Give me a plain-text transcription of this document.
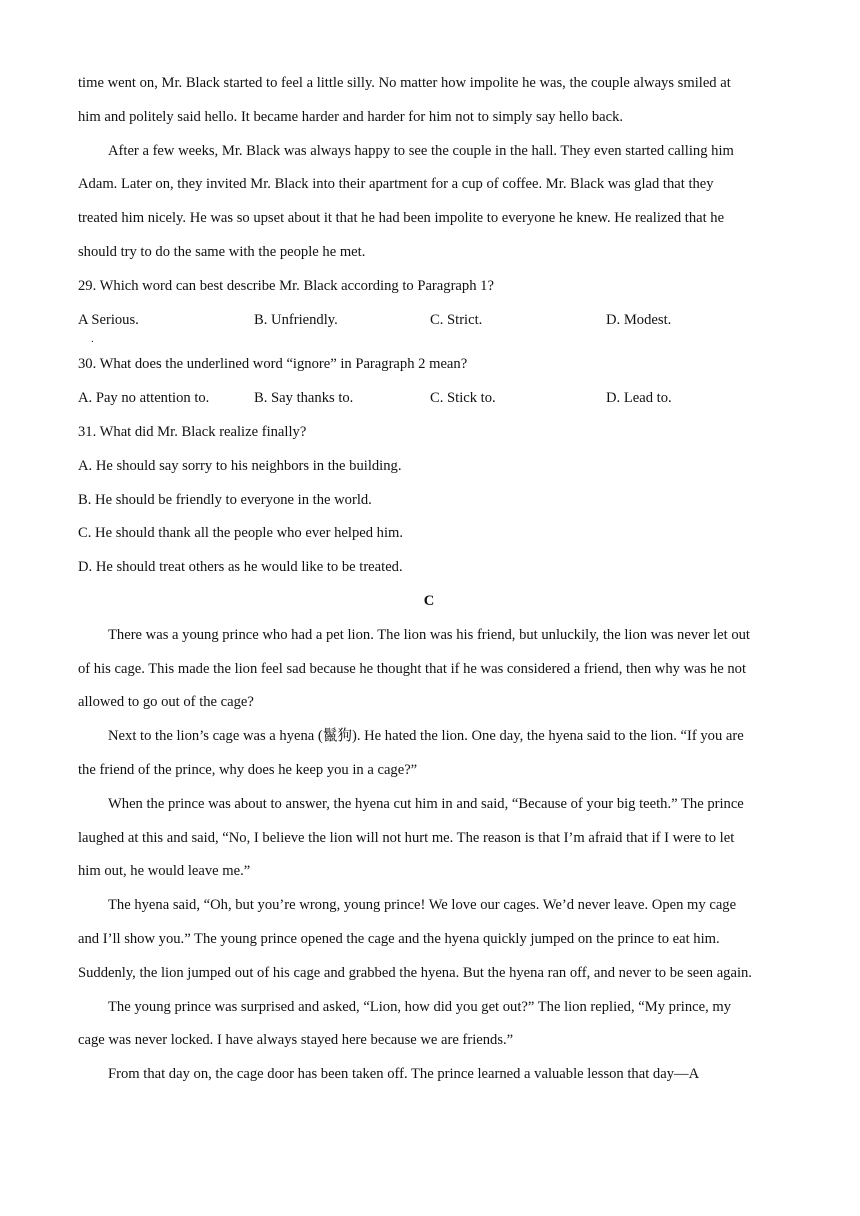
time went on, Mr. Black started to feel a little silly. No matter how impolite he was, the couple always smiled at
him and politely said hello. It became harder and harder for him not to simply say hello back.
After a few weeks, Mr. Black was always happy to see the couple in the hall. They even started calling him
Adam. Later on, they invited Mr. Black into their apartment for a cup of coffee. Mr. Black was glad that they
treated him nicely. He was so upset about it that he had been impolite to everyone he knew. He realized that he
should try to do the same with the people he met.
29. Which word can best describe Mr. Black according to Paragraph 1?
A Serious.
.
B. Unfriendly.	C. Strict.	D. Modest.
30. What does the underlined word “ignore” in Paragraph 2 mean?
A. Pay no attention to.	B. Say thanks to.	C. Stick to.	D. Lead to.
31. What did Mr. Black realize finally?
A. He should say sorry to his neighbors in the building.
B. He should be friendly to everyone in the world.
C. He should thank all the people who ever helped him.
D. He should treat others as he would like to be treated.
C
There was a young prince who had a pet lion. The lion was his friend, but unluckily, the lion was never let out
of his cage. This made the lion feel sad because he thought that if he was considered a friend, then why was he not
allowed to go out of the cage?
Next to the lion’s cage was a hyena (鬣狗). He hated the lion. One day, the hyena said to the lion. “If you are
the friend of the prince, why does he keep you in a cage?”
When the prince was about to answer, the hyena cut him in and said, “Because of your big teeth.” The prince
laughed at this and said, “No, I believe the lion will not hurt me. The reason is that I’m afraid that if I were to let
him out, he would leave me.”
The hyena said, “Oh, but you’re wrong, young prince! We love our cages. We’d never leave. Open my cage
and I’ll show you.” The young prince opened the cage and the hyena quickly jumped on the prince to eat him.
Suddenly, the lion jumped out of his cage and grabbed the hyena. But the hyena ran off, and never to be seen again.
The young prince was surprised and asked, “Lion, how did you get out?” The lion replied, “My prince, my
cage was never locked. I have always stayed here because we are friends.”
From that day on, the cage door has been taken off. The prince learned a valuable lesson that day—A
